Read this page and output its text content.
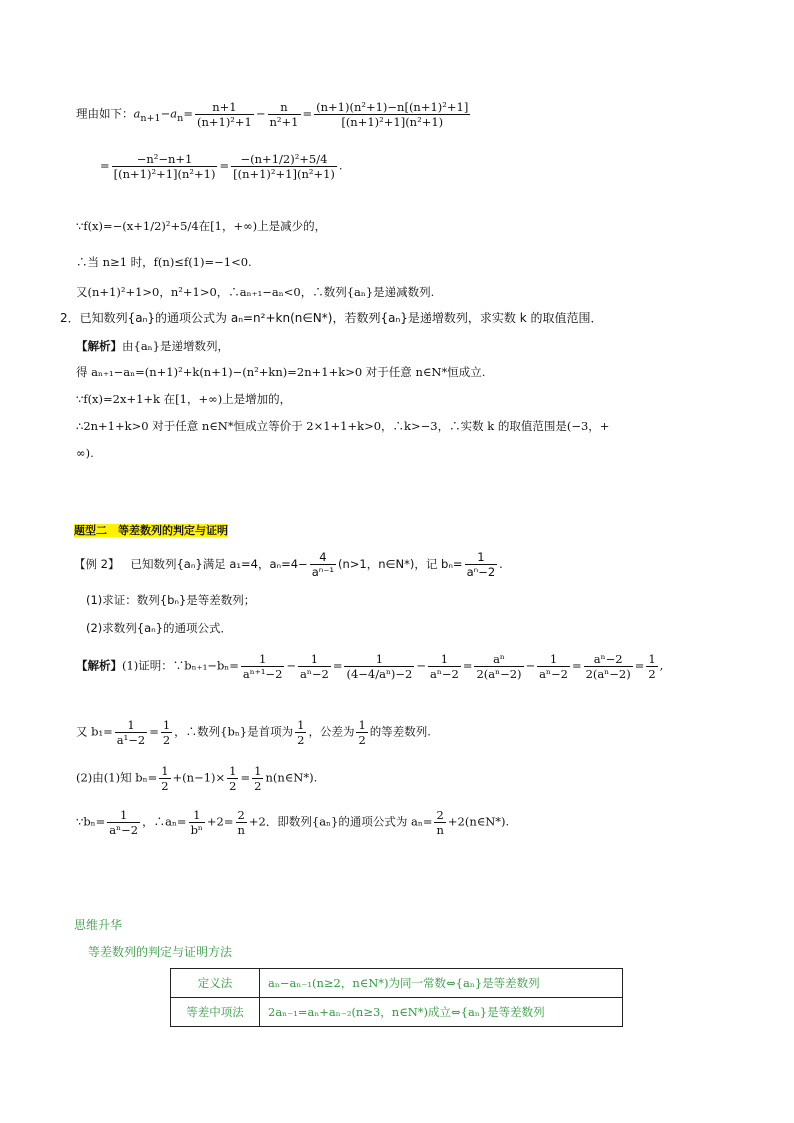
理由如下：$a_{n+1}-a_n= \frac{n+1}{\text{(n+1)²+1}} - \frac{n}{\text{n²+1}} = \frac{\text{(n+1)(n²+1)−n[(n+1)²+1]}}{\text{[(n+1)²+1](n²+1)}}$
= $\frac{\text{−n²−n+1}}{\text{[(n+1)²+1](n²+1)}} = \frac{\text{−(n+1/2)²+5/4}}{\text{[(n+1)²+1](n²+1)}}$ .
∵f(x)=−(x+1/2)²+5/4在[1，+∞)上是减少的，
∴当 n≥1 时，f(n)≤f(1)=−1<0.
又(n+1)²+1>0，n²+1>0，∴aₙ₊₁−aₙ<0，∴数列{aₙ}是递减数列.
2．已知数列{aₙ}的通项公式为 aₙ=n²+kn(n∈N*)，若数列{aₙ}是递增数列，求实数 k 的取值范围．
【解析】由{aₙ}是递增数列，
得 aₙ₊₁−aₙ=(n+1)²+k(n+1)−(n²+kn)=2n+1+k>0 对于任意 n∈N*恒成立.
∵f(x)=2x+1+k 在[1，+∞)上是增加的，
∴2n+1+k>0 对于任意 n∈N*恒成立等价于 2×1+1+k>0，∴k>−3，∴实数 k 的取值范围是(−3，+
∞).
题型二　等差数列的判定与证明
【例 2】 已知数列{aₙ}满足 a₁=4，$a_n=4- \frac{4}{\text{aⁿ⁻¹}} (n>1$，n∈N*)，记 $b_n= \frac{1}{\text{aⁿ−2}}$ .
(1)求证：数列{bₙ}是等差数列；
(2)求数列{aₙ}的通项公式．
【解析】(1)证明：∵bₙ₊₁−bₙ= $\frac{1}{\text{aⁿ⁺¹−2}} - \frac{1}{\text{aⁿ−2}} = \frac{1}{\text{(4−4/aⁿ)−2}} - \frac{1}{\text{aⁿ−2}} = \frac{\text{aⁿ}}{\text{2(aⁿ−2)}} - \frac{1}{\text{aⁿ−2}} = \frac{\text{aⁿ−2}}{\text{2(aⁿ−2)}} = \frac{1}{2}$ ,
又 $b_1= \frac{1}{\text{a¹−2}} = \frac{1}{2}$ ，∴数列{bₙ}是首项为 $\frac{1}{2}$ ，公差为 $\frac{1}{2}$ 的等差数列.
(2)由(1)知 $b_n= \frac{1}{2} +(n-1)\times \frac{1}{2} = \frac{1}{2}$ n(n∈N*).
∵bₙ= $\frac{1}{\text{aⁿ−2}}$ ，∴aₙ= $\frac{1}{\text{bⁿ}} +2= \frac{2}{n} +2$．即数列{aₙ}的通项公式为 $a_n= \frac{2}{n}$ +2(n∈N*).
思维升华
等差数列的判定与证明方法
定义法	aₙ−aₙ₋₁(n≥2，n∈N*)为同一常数⇔{aₙ}是等差数列
等差中项法	2aₙ₋₁=aₙ+aₙ₋₂(n≥3，n∈N*)成立⇔{aₙ}是等差数列
